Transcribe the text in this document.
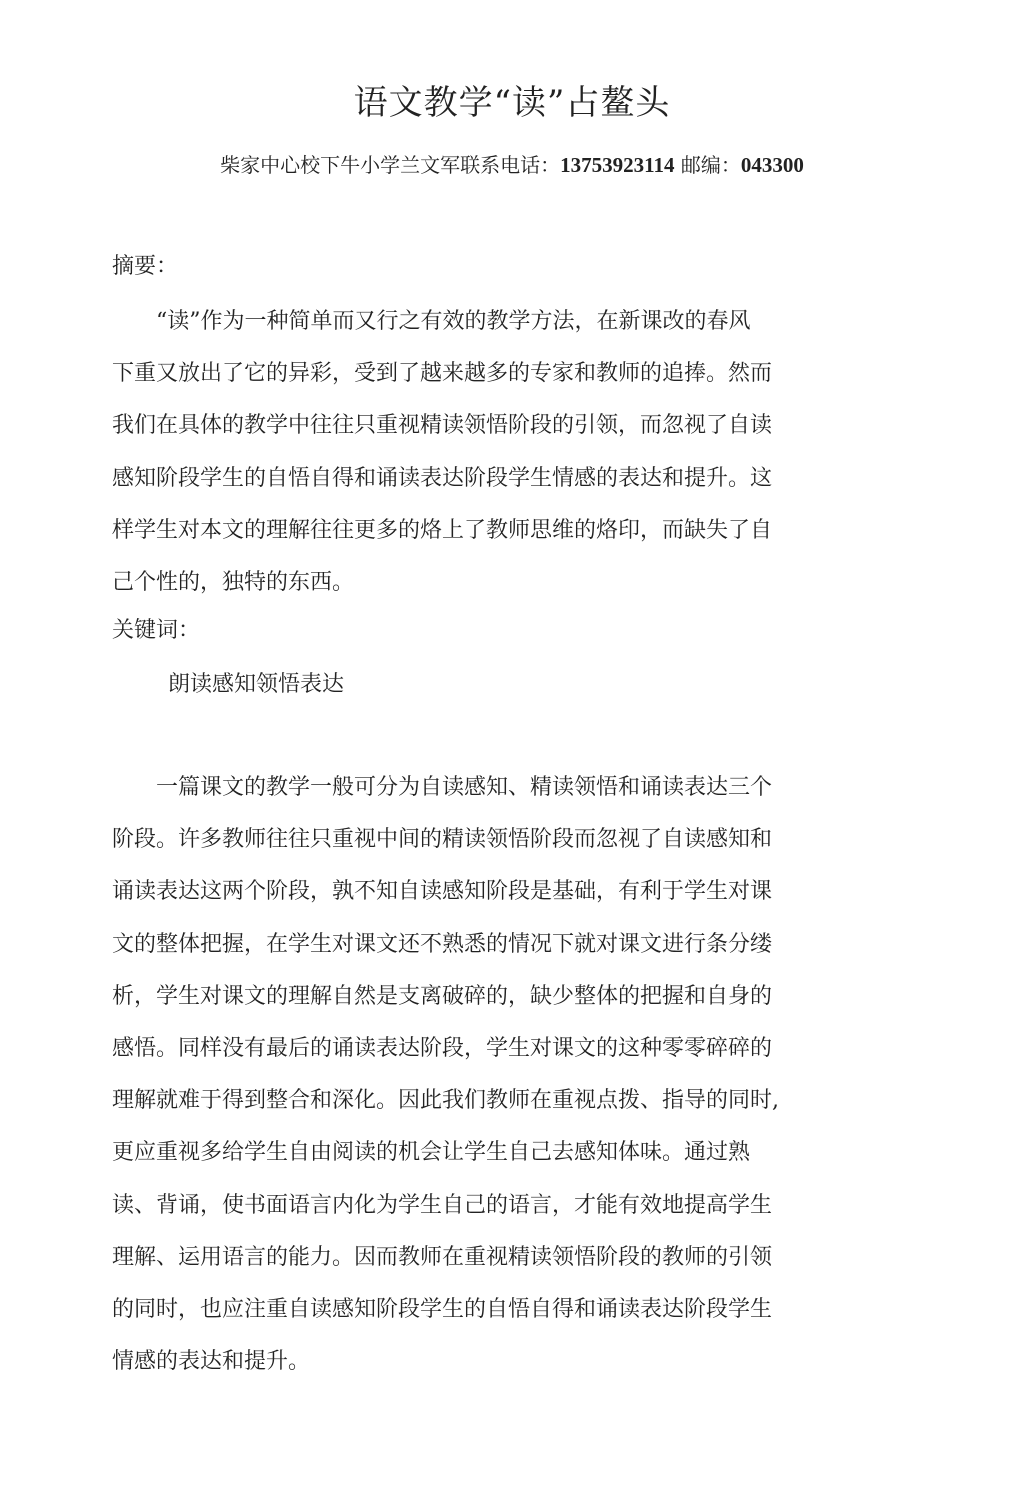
语文教学“读”占鳌头
柴家中心校下牛小学兰文军联系电话：13753923114 邮编：043300
摘要：

“读”作为一种简单而又行之有效的教学方法，在新课改的春风
下重又放出了它的异彩，受到了越来越多的专家和教师的追捧。然而
我们在具体的教学中往往只重视精读领悟阶段的引领，而忽视了自读
感知阶段学生的自悟自得和诵读表达阶段学生情感的表达和提升。这
样学生对本文的理解往往更多的烙上了教师思维的烙印，而缺失了自
己个性的，独特的东西。

关键词：
朗读感知领悟表达

一篇课文的教学一般可分为自读感知、精读领悟和诵读表达三个
阶段。许多教师往往只重视中间的精读领悟阶段而忽视了自读感知和
诵读表达这两个阶段，孰不知自读感知阶段是基础，有利于学生对课
文的整体把握，在学生对课文还不熟悉的情况下就对课文进行条分缕
析，学生对课文的理解自然是支离破碎的，缺少整体的把握和自身的
感悟。同样没有最后的诵读表达阶段，学生对课文的这种零零碎碎的
理解就难于得到整合和深化。因此我们教师在重视点拨、指导的同时,
更应重视多给学生自由阅读的机会让学生自己去感知体味。通过熟
读、背诵，使书面语言内化为学生自己的语言，才能有效地提高学生
理解、运用语言的能力。因而教师在重视精读领悟阶段的教师的引领
的同时，也应注重自读感知阶段学生的自悟自得和诵读表达阶段学生
情感的表达和提升。
